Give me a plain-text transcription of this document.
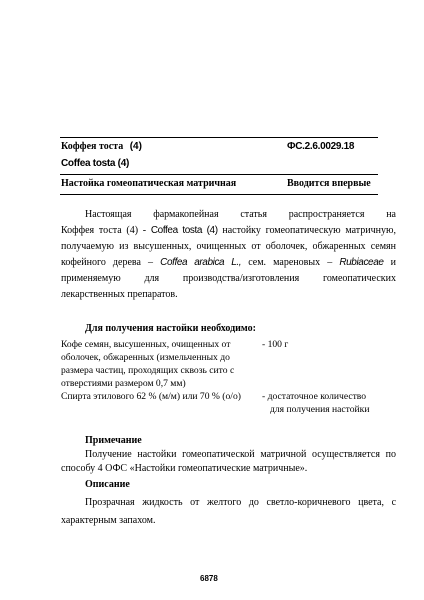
Коффея тоста (4)	ФС.2.6.0029.18
Coffea tosta (4)
Настойка гомеопатическая матричная	Вводится впервые
Настоящая фармакопейная статья распространяется на
Коффея тоста (4) - Coffea tosta (4) настойку гомеопатическую матричную,
получаемую из высушенных, очищенных от оболочек, обжаренных семян
кофейного дерева – Coffea arabica L., сем. мареновых – Rubiaceae и
применяемую для производства/изготовления гомеопатических
лекарственных препаратов.
Для получения настойки необходимо:
Кофе семян, высушенных, очищенных от
оболочек, обжаренных (измельченных до
размера частиц, проходящих сквозь сито с
отверстиями размером 0,7 мм)
- 100 г
Спирта этилового 62 % (м/м) или 70 % (о/о) - достаточное количество
для получения настойки
Примечание
Получение настойки гомеопатической матричной осуществляется по
способу 4 ОФС «Настойки гомеопатические матричные».
Описание
Прозрачная жидкость от желтого до светло-коричневого цвета, с
характерным запахом.
6878
